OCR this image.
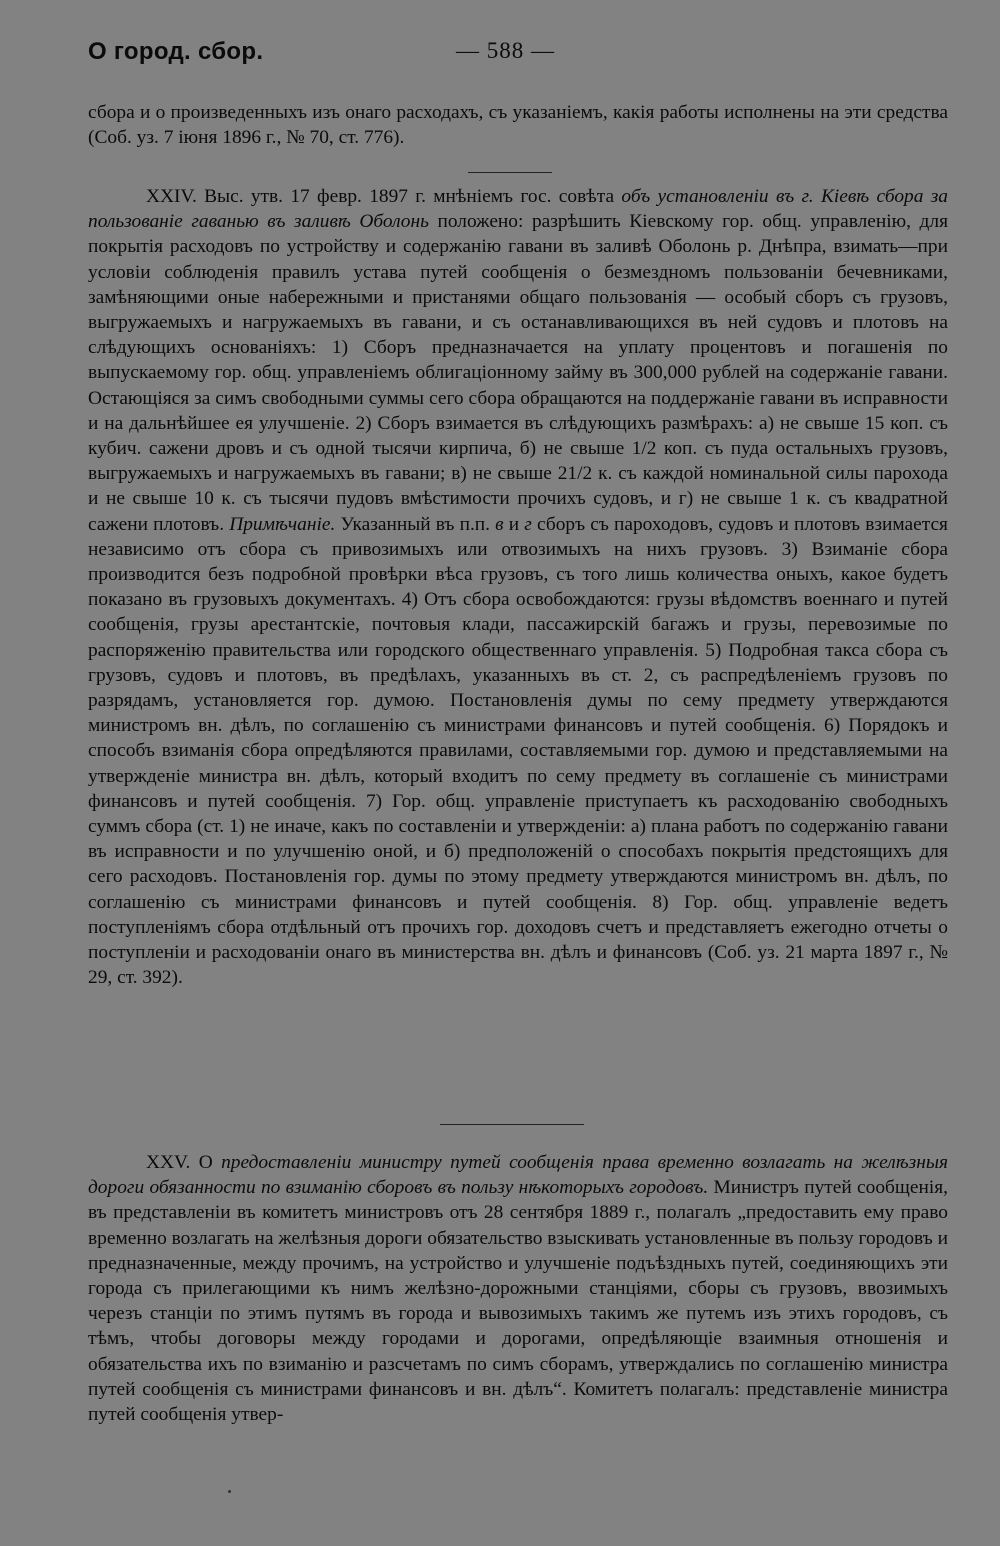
О город. сбор.	— 588 —

сбора и о произведенныхъ изъ онаго расходахъ, съ указаніемъ, какія работы исполнены на эти средства (Соб. уз. 7 іюня 1896 г., № 70, ст. 776).

XXIV. Выс. утв. 17 февр. 1897 г. мнѣніемъ гос. совѣта объ установленіи въ г. Кіевѣ сбора за пользованіе гаванью въ заливѣ Оболонь положено: разрѣшить Кіевскому гор. общ. управленію, для покрытія расходовъ по устройству и содержанію гавани въ заливѣ Оболонь р. Днѣпра, взимать—при условіи соблюденія правилъ устава путей сообщенія о безмездномъ пользованіи бечевниками, замѣняющими оные набережными и пристанями общаго пользованія — особый сборъ съ грузовъ, выгружаемыхъ и нагружаемыхъ въ гавани, и съ останавливающихся въ ней судовъ и плотовъ на слѣдующихъ основаніяхъ: 1) Сборъ предназначается на уплату процентовъ и погашенія по выпускаемому гор. общ. управленіемъ облигаціонному займу въ 300,000 рублей на содержаніе гавани. Остающіяся за симъ свободными суммы сего сбора обращаются на поддержаніе гавани въ исправности и на дальнѣйшее ея улучшеніе. 2) Сборъ взимается въ слѣдующихъ размѣрахъ: а) не свыше 15 коп. съ кубич. сажени дровъ и съ одной тысячи кирпича, б) не свыше 1/2 коп. съ пуда остальныхъ грузовъ, выгружаемыхъ и нагружаемыхъ въ гавани; в) не свыше 21/2 к. съ каждой номинальной силы парохода и не свыше 10 к. съ тысячи пудовъ вмѣстимости прочихъ судовъ, и г) не свыше 1 к. съ квадратной сажени плотовъ. Примѣчаніе. Указанный въ п.п. в и г сборъ съ пароходовъ, судовъ и плотовъ взимается независимо отъ сбора съ привозимыхъ или отвозимыхъ на нихъ грузовъ. 3) Взиманіе сбора производится безъ подробной провѣрки вѣса грузовъ, съ того лишь количества оныхъ, какое будетъ показано въ грузовыхъ документахъ. 4) Отъ сбора освобождаются: грузы вѣдомствъ военнаго и путей сообщенія, грузы арестантскіе, почтовыя клади, пассажирскій багажъ и грузы, перевозимые по распоряженію правительства или городского общественнаго управленія. 5) Подробная такса сбора съ грузовъ, судовъ и плотовъ, въ предѣлахъ, указанныхъ въ ст. 2, съ распредѣленіемъ грузовъ по разрядамъ, установляется гор. думою. Постановленія думы по сему предмету утверждаются министромъ вн. дѣлъ, по соглашенію съ министрами финансовъ и путей сообщенія. 6) Порядокъ и способъ взиманія сбора опредѣляются правилами, составляемыми гор. думою и представляемыми на утвержденіе министра вн. дѣлъ, который входитъ по сему предмету въ соглашеніе съ министрами финансовъ и путей сообщенія. 7) Гор. общ. управленіе приступаетъ къ расходованію свободныхъ суммъ сбора (ст. 1) не иначе, какъ по составленіи и утвержденіи: а) плана работъ по содержанію гавани въ исправности и по улучшенію оной, и б) предположеній о способахъ покрытія предстоящихъ для сего расходовъ. Постановленія гор. думы по этому предмету утверждаются министромъ вн. дѣлъ, по соглашенію съ министрами финансовъ и путей сообщенія. 8) Гор. общ. управленіе ведетъ поступленіямъ сбора отдѣльный отъ прочихъ гор. доходовъ счетъ и представляетъ ежегодно отчеты о поступленіи и расходованіи онаго въ министерства вн. дѣлъ и финансовъ (Соб. уз. 21 марта 1897 г., № 29, ст. 392).

XXV. О предоставленіи министру путей сообщенія права временно возлагать на желѣзныя дороги обязанности по взиманію сборовъ въ пользу нѣкоторыхъ городовъ. Министръ путей сообщенія, въ представленіи въ комитетъ министровъ отъ 28 сентября 1889 г., полагалъ „предоставить ему право временно возлагать на желѣзныя дороги обязательство взыскивать установленные въ пользу городовъ и предназначенные, между прочимъ, на устройство и улучшеніе подъѣздныхъ путей, соединяющихъ эти города съ прилегающими къ нимъ желѣзно-дорожными станціями, сборы съ грузовъ, ввозимыхъ черезъ станціи по этимъ путямъ въ города и вывозимыхъ такимъ же путемъ изъ этихъ городовъ, съ тѣмъ, чтобы договоры между городами и дорогами, опредѣляющіе взаимныя отношенія и обязательства ихъ по взиманію и разсчетамъ по симъ сборамъ, утверждались по соглашенію министра путей сообщенія съ министрами финансовъ и вн. дѣлъ“. Комитетъ полагалъ: представленіе министра путей сообщенія утвер-
